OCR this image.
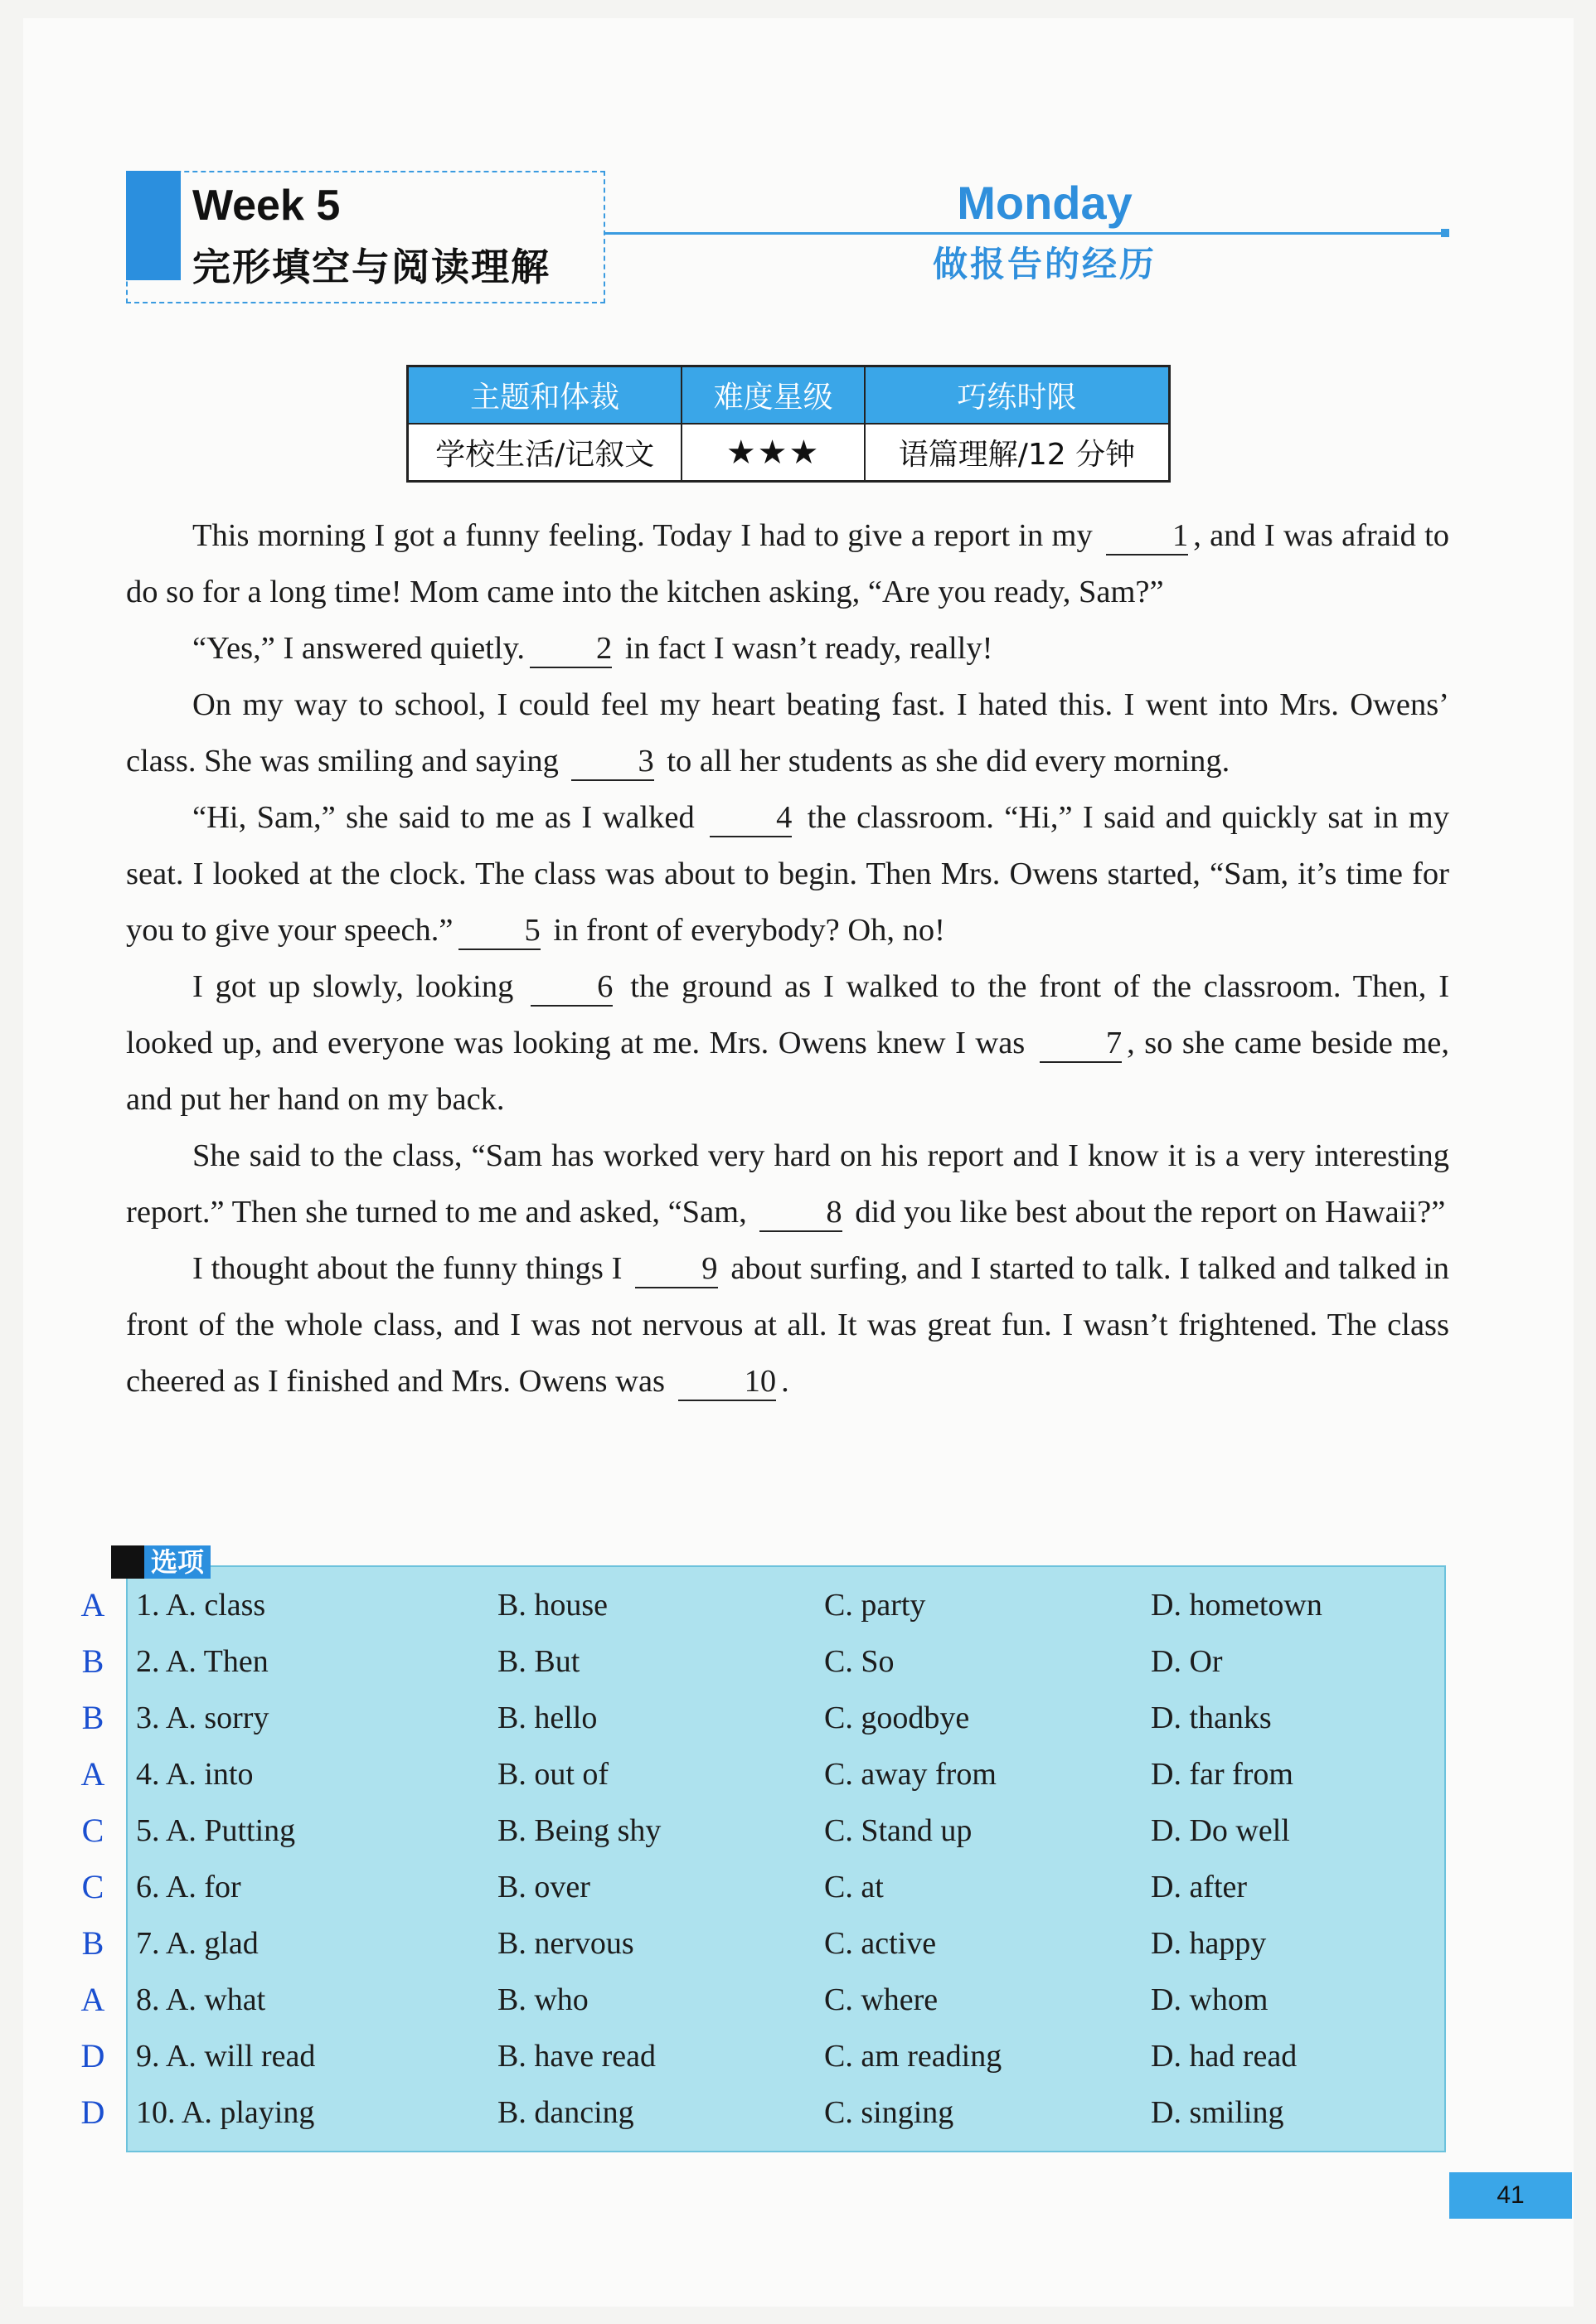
Week 5
完形填空与阅读理解
Monday
做报告的经历
主题和体裁	难度星级	巧练时限
学校生活/记叙文	★★★	语篇理解/12 分钟

This morning I got a funny feeling. Today I had to give a report in my	1 , and I was afraid to do so for a long time! Mom came into the kitchen asking, “Are you ready, Sam?”

“Yes,” I answered quietly. 2 in fact I wasn’t ready, really!

On my way to school, I could feel my heart beating fast. I hated this. I went into Mrs. Owens’ class. She was smiling and saying 3 to all her students as she did every morning.

“Hi, Sam,” she said to me as I walked	4 the classroom. “Hi,” I said and quickly sat in my seat. I looked at the clock. The class was about to begin. Then Mrs. Owens started, “Sam, it’s time for you to give your speech.” 5 in front of everybody? Oh, no!

I got up slowly, looking	6 the ground as I walked to the front of the classroom. Then, I looked up, and everyone was looking at me. Mrs. Owens knew I was	7 , so she came beside me, and put her hand on my back.

She said to the class, “Sam has worked very hard on his report and I know it is a very interesting report.” Then she turned to me and asked, “Sam, 8 did you like best about the report on Hawaii?”

I thought about the funny things I 9 about surfing, and I started to talk. I talked and talked in front of the whole class, and I was not nervous at all. It was great fun. I wasn’t frightened. The class cheered as I finished and Mrs. Owens was 10 .

选项
A 1. A. class	B. house	C. party	D. hometown
B 2. A. Then	B. But	C. So	D. Or
B 3. A. sorry	B. hello	C. goodbye	D. thanks
A 4. A. into	B. out of	C. away from	D. far from
C 5. A. Putting	B. Being shy	C. Stand up	D. Do well
C 6. A. for	B. over	C. at	D. after
B 7. A. glad	B. nervous	C. active	D. happy
A 8. A. what	B. who	C. where	D. whom
D 9. A. will read	B. have read	C. am reading	D. had read
D 10. A. playing	B. dancing	C. singing	D. smiling
41
